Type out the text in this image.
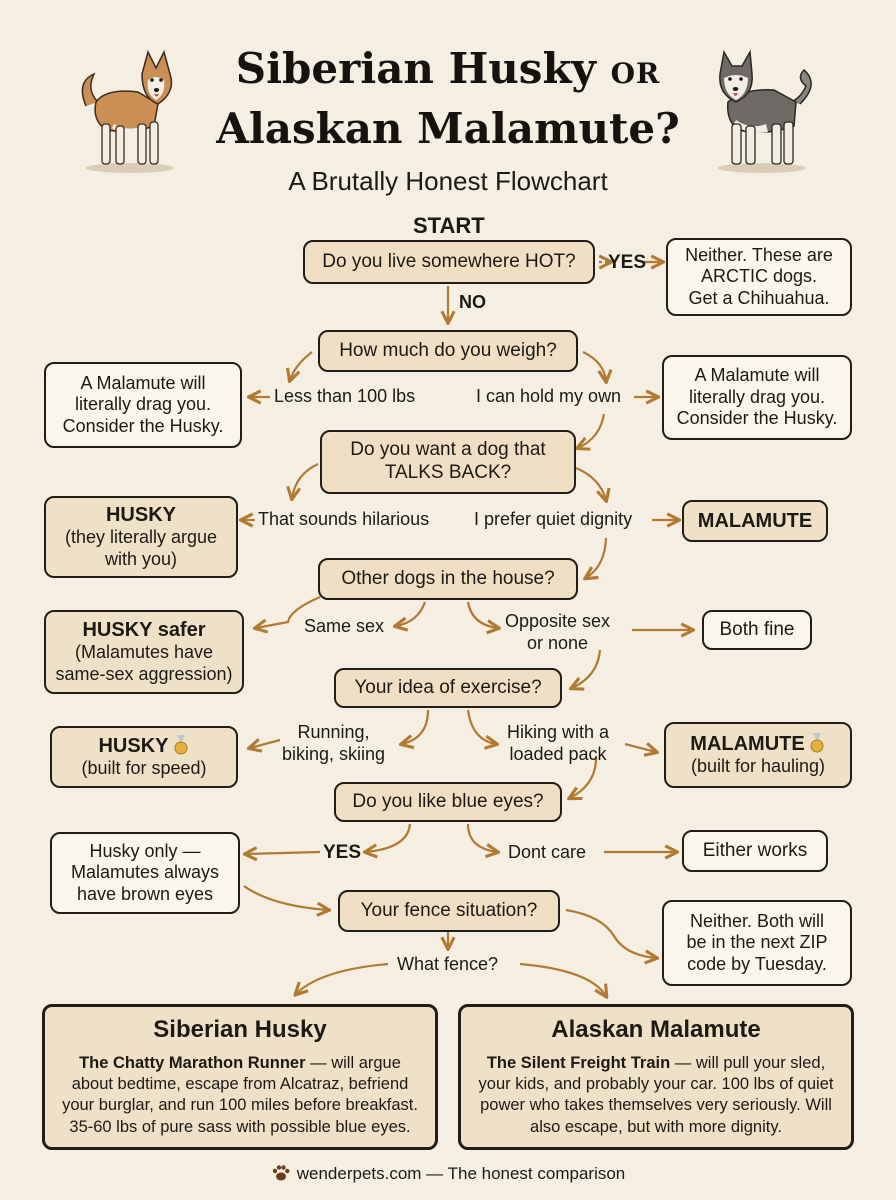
Siberian Husky OR
Alaskan Malamute?
A Brutally Honest Flowchart
START
Do you live somewhere HOT? YES Neither. These are
ARCTIC dogs.
Get a Chihuahua.
NO
How much do you weigh?
A Malamute will
literally drag you.
Consider the Husky.
Less than 100 lbs	I can hold my own
A Malamute will
literally drag you.
Consider the Husky.
Do you want a dog that
TALKS BACK?
HUSKY
(they literally argue
with you)
That sounds hilarious I prefer quiet dignity	MALAMUTE
Other dogs in the house?
HUSKY safer
(Malamutes have
same-sex aggression)
Same sex	Opposite sex
or none
Both fine
Your idea of exercise?
HUSKY
(built for speed)
Running,
biking, skiing
Hiking with a
loaded pack	MALAMUTE
(built for hauling)
Do you like blue eyes?
Husky only —
Malamutes always
have brown eyes
YES	Dont care	Either works
Your fence situation?
What fence?
Neither. Both will
be in the next ZIP
code by Tuesday.
Siberian Husky
The Chatty Marathon Runner — will argue about bedtime, escape from Alcatraz, befriend your burglar, and run 100 miles before breakfast. 35-60 lbs of pure sass with possible blue eyes.
Alaskan Malamute
The Silent Freight Train — will pull your sled, your kids, and probably your car. 100 lbs of quiet power who takes themselves very seriously. Will also escape, but with more dignity.
wenderpets.com — The honest comparison
